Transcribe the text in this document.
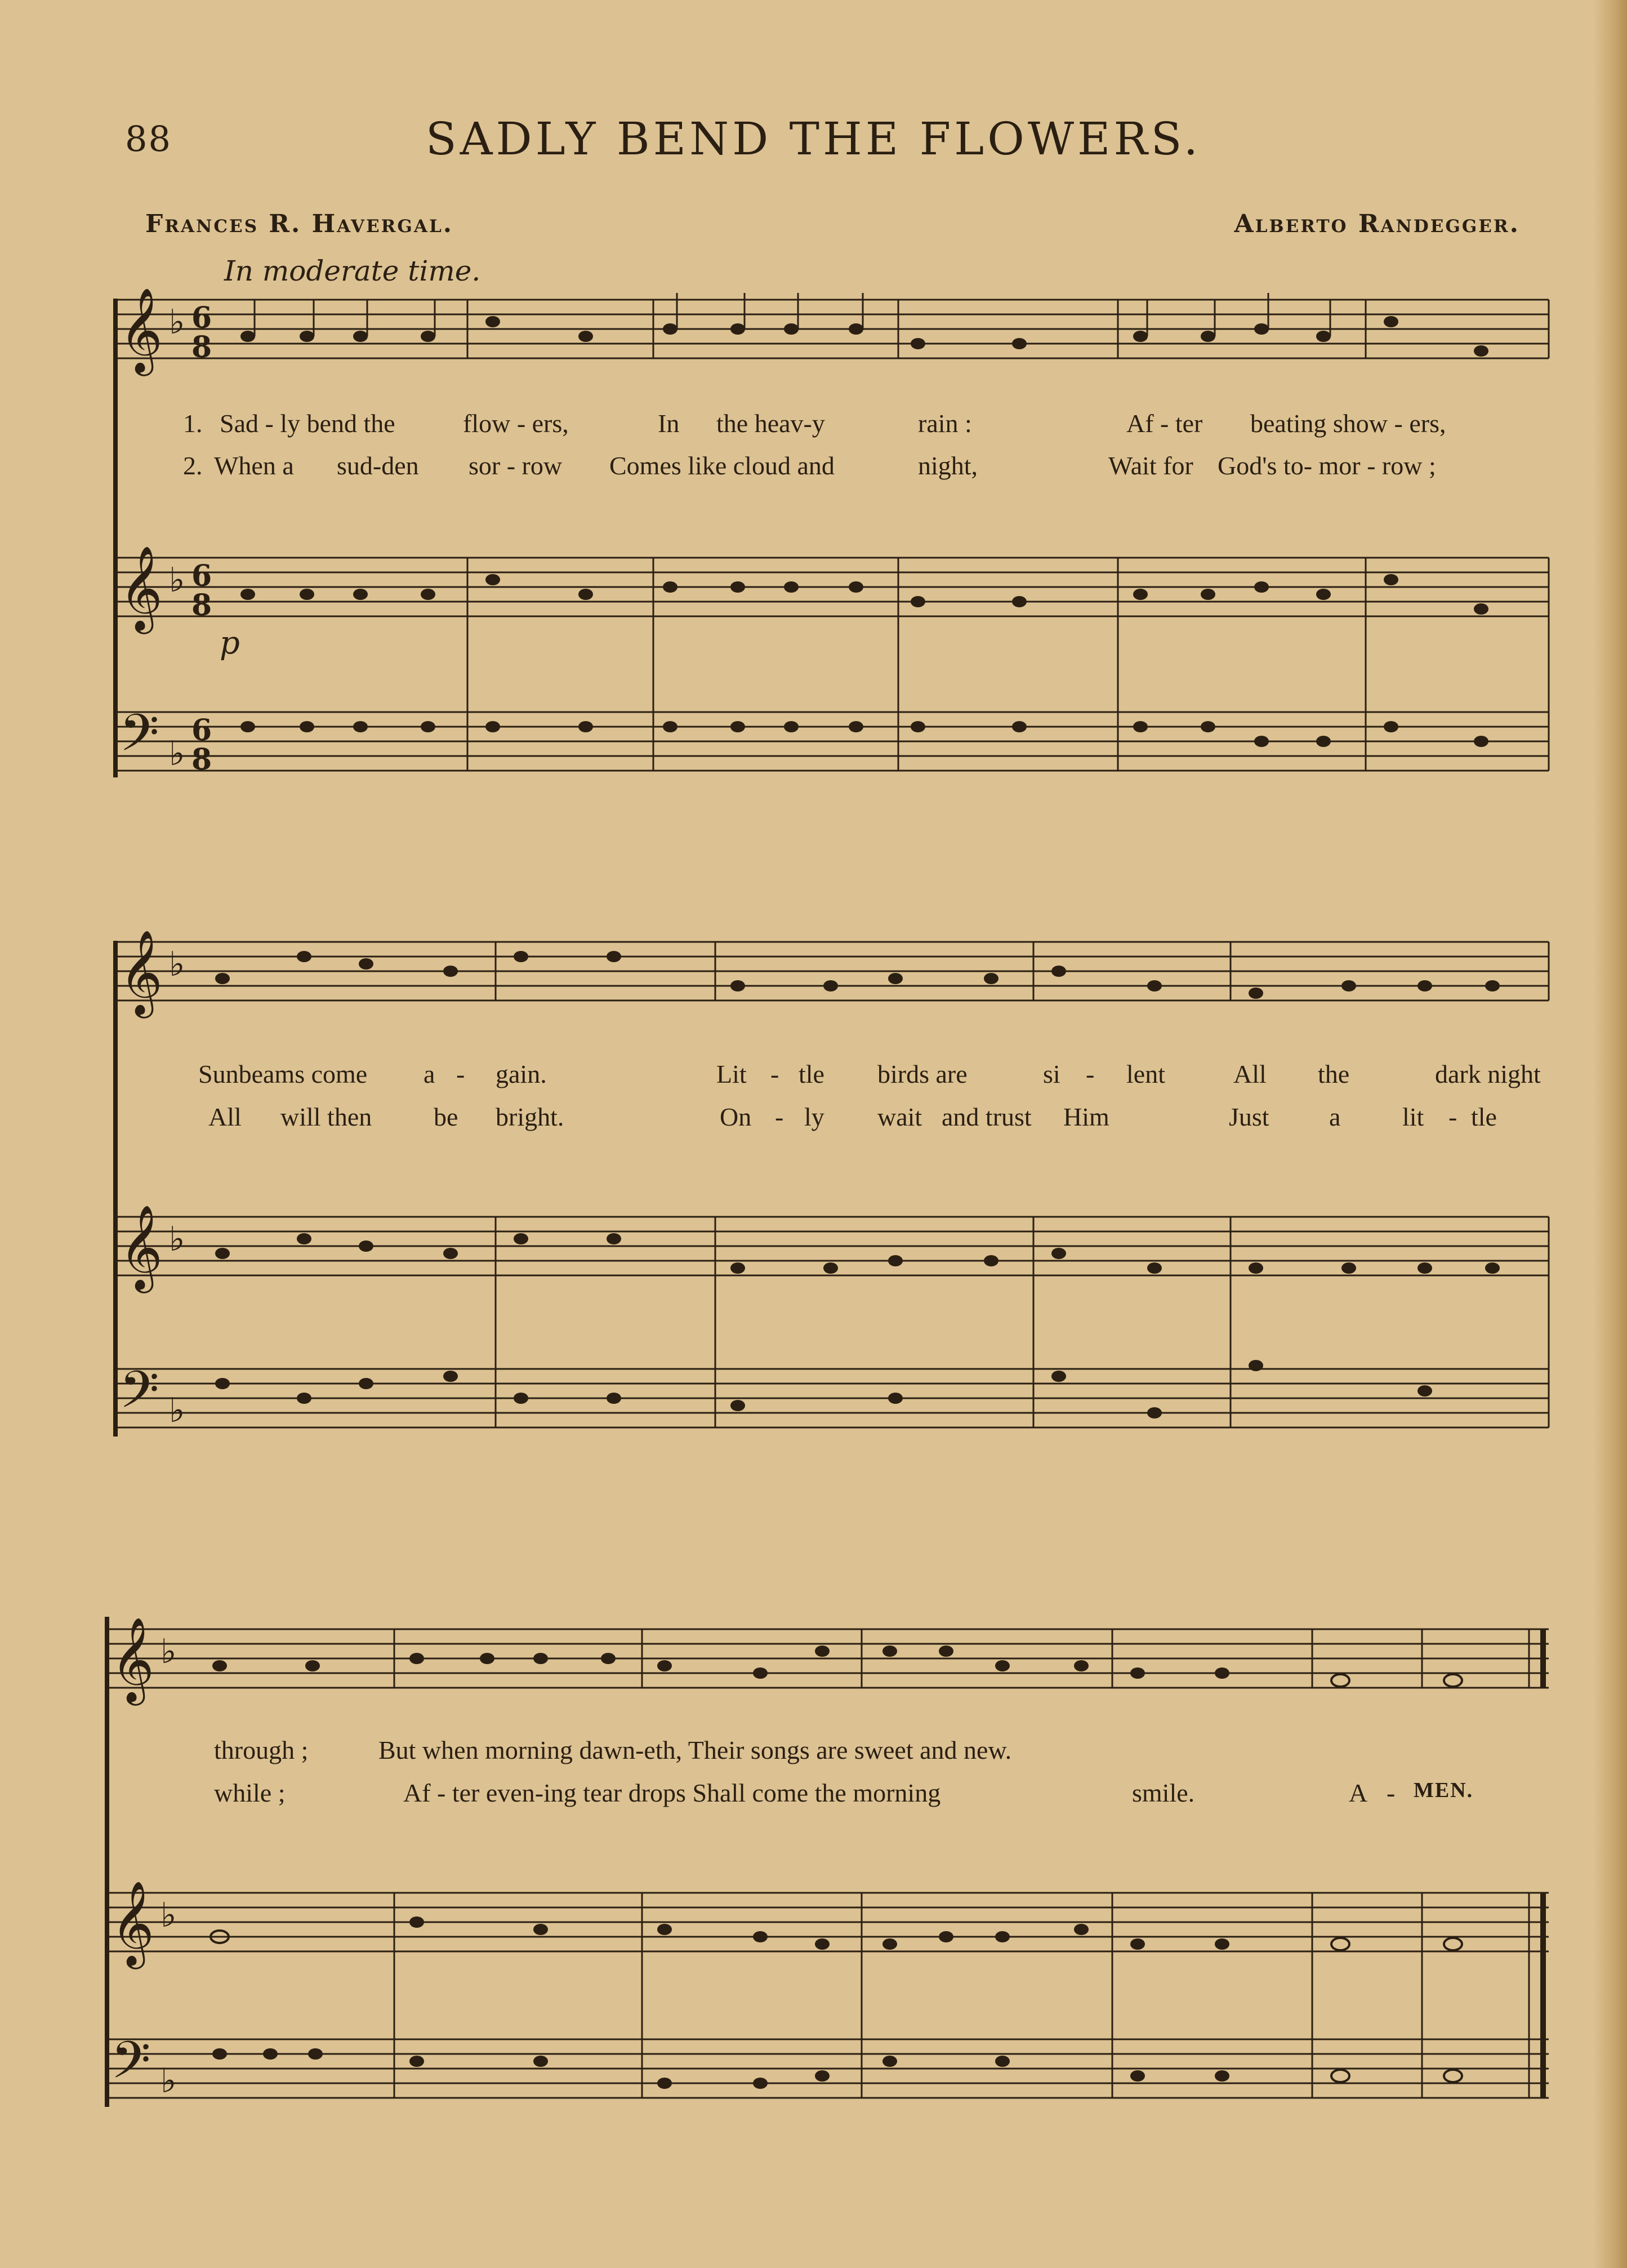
88	SADLY BEND THE FLOWERS.
Frances R. Havergal.	Alberto Randegger.
In moderate time.
𝄞
𝄞
𝄢
♭
♭
♭
6
8
6
8
6
8
p
1. Sad - ly bend the	flow - ers,	In the heav-y	rain :	Af - ter beating show - ers,
2. When a sud-den sor - row Comes like cloud and	night,	Wait for God's to- mor - row ;
𝄞
𝄞
𝄢
♭
♭
♭
Sunbeams come a - gain.	Lit - tle birds are	si - lent	All the	dark night
All will then be bright.	On - ly wait and trust Him	Just a lit - tle
𝄞
𝄞
𝄢
♭
♭
♭
through ;	But when morning dawn-eth, Their songs are sweet and new.
while ;	Af - ter even-ing tear drops Shall come the morning	smile.	A - MEN.
